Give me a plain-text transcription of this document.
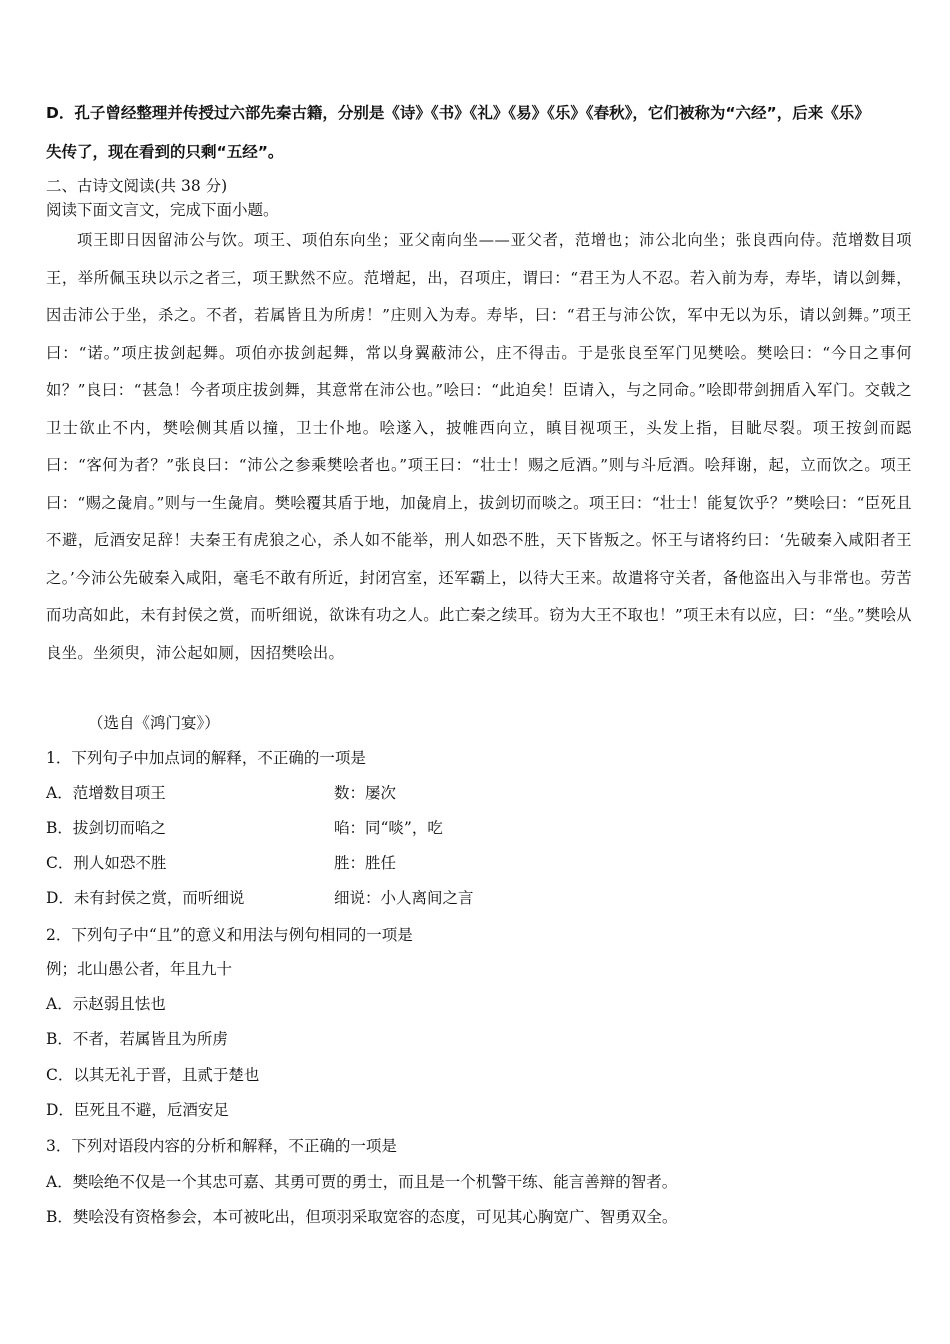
D．孔子曾经整理并传授过六部先秦古籍，分别是《诗》《书》《礼》《易》《乐》《春秋》，它们被称为“六经”，后来《乐》
失传了，现在看到的只剩“五经”。
二、古诗文阅读(共 38 分)
阅读下面文言文，完成下面小题。
项王即日因留沛公与饮。项王、项伯东向坐；亚父南向坐——亚父者，范增也；沛公北向坐；张良西向侍。范增数目项王，举所佩玉玦以示之者三，项王默然不应。范增起，出，召项庄，谓曰：“君王为人不忍。若入前为寿，寿毕，请以剑舞，因击沛公于坐，杀之。不者，若属皆且为所虏！”庄则入为寿。寿毕，曰：“君王与沛公饮，军中无以为乐，请以剑舞。”项王曰：“诺。”项庄拔剑起舞。项伯亦拔剑起舞，常以身翼蔽沛公，庄不得击。于是张良至军门见樊哙。樊哙曰：“今日之事何如？”良曰：“甚急！今者项庄拔剑舞，其意常在沛公也。”哙曰：“此迫矣！臣请入，与之同命。”哙即带剑拥盾入军门。交戟之卫士欲止不内，樊哙侧其盾以撞，卫士仆地。哙遂入，披帷西向立，瞋目视项王，头发上指，目眦尽裂。项王按剑而跽曰：“客何为者？”张良曰：“沛公之参乘樊哙者也。”项王曰：“壮士！赐之卮酒。”则与斗卮酒。哙拜谢，起，立而饮之。项王曰：“赐之彘肩。”则与一生彘肩。樊哙覆其盾于地，加彘肩上，拔剑切而啖之。项王曰：“壮士！能复饮乎？”樊哙曰：“臣死且不避，卮酒安足辞！夫秦王有虎狼之心，杀人如不能举，刑人如恐不胜，天下皆叛之。怀王与诸将约曰：‘先破秦入咸阳者王之。’今沛公先破秦入咸阳，毫毛不敢有所近，封闭宫室，还军霸上，以待大王来。故遣将守关者，备他盗出入与非常也。劳苦而功高如此，未有封侯之赏，而听细说，欲诛有功之人。此亡秦之续耳。窃为大王不取也！”项王未有以应，曰：“坐。”樊哙从良坐。坐须臾，沛公起如厕，因招樊哙出。
（选自《鸿门宴》）
1．下列句子中加点词的解释，不正确的一项是
A．范增数目项王	数：屡次
B．拔剑切而啗之	啗：同“啖”，吃
C．刑人如恐不胜	胜：胜任
D．未有封侯之赏，而听细说	细说：小人离间之言
2．下列句子中“且”的意义和用法与例句相同的一项是
例；北山愚公者，年且九十
A．示赵弱且怯也
B．不者，若属皆且为所虏
C．以其无礼于晋，且贰于楚也
D．臣死且不避，卮酒安足
3．下列对语段内容的分析和解释，不正确的一项是
A．樊哙绝不仅是一个其忠可嘉、其勇可贾的勇士，而且是一个机警干练、能言善辩的智者。
B．樊哙没有资格参会，本可被叱出，但项羽采取宽容的态度，可见其心胸宽广、智勇双全。
